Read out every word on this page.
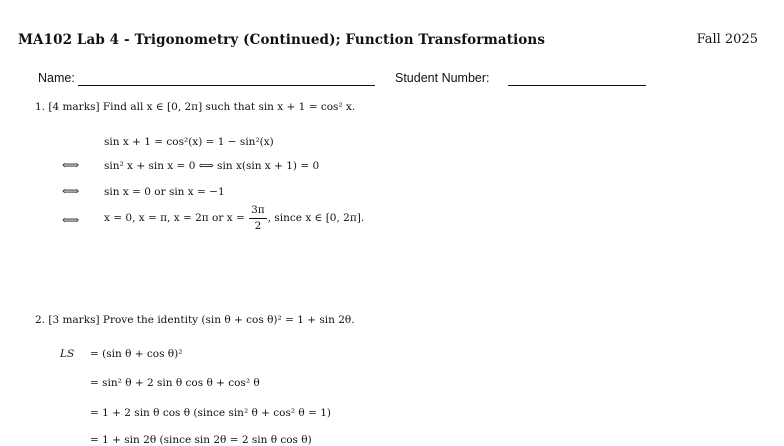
MA102 Lab 4 - Trigonometry (Continued); Function Transformations	Fall 2025
Name:	Student Number:
1. [4 marks] Find all x ∈ [0, 2π] such that sin x + 1 = cos² x.
sin x + 1 = cos²(x) = 1 − sin²(x)
⟺ sin² x + sin x = 0 ⟺ sin x(sin x + 1) = 0
⟺ sin x = 0 or sin x = −1
⟺ x = 0, x = π, x = 2π or $x = \frac{3\pi}{2}$ , since x ∈ [0, 2π].
2. [3 marks] Prove the identity (sin θ + cos θ)² = 1 + sin 2θ.
LS = (sin θ + cos θ)²
= sin² θ + 2 sin θ cos θ + cos² θ
= 1 + 2 sin θ cos θ (since sin² θ + cos² θ = 1)
= 1 + sin 2θ (since sin 2θ = 2 sin θ cos θ)
